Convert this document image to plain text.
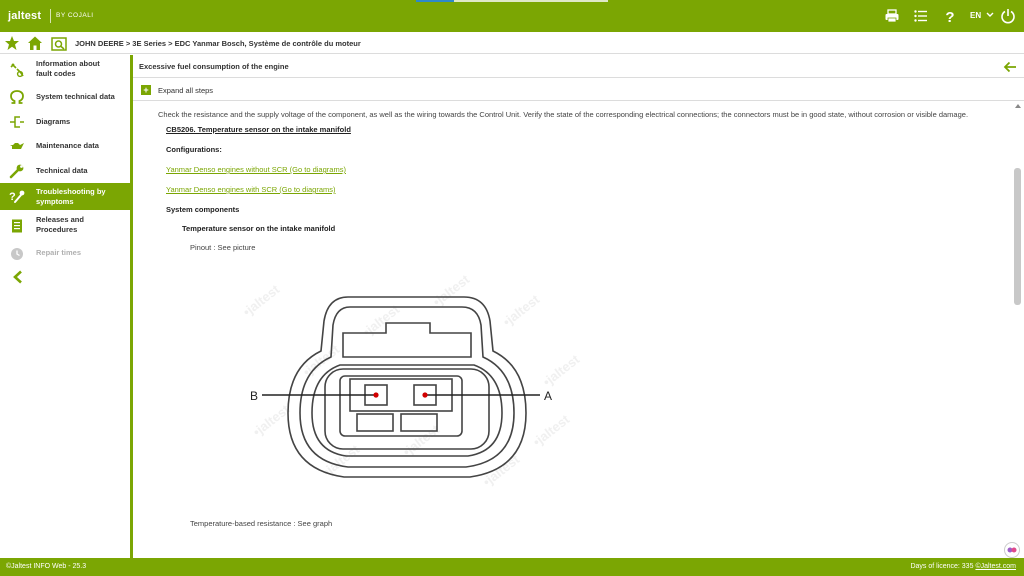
jaltest BY COJALI	? EN
JOHN DEERE > 3E Series > EDC Yanmar Bosch, Système de contrôle du moteur
Information about fault codes
System technical data
Diagrams
Maintenance data
Technical data
?	Troubleshooting by symptoms
Releases and Procedures
Repair times
Excessive fuel consumption of the engine
+	Expand all steps
Check the resistance and the supply voltage of the component, as well as the wiring towards the Control Unit. Verify the state of the corresponding electrical connections; the connectors must be in good state, without corrosion or visible damage.
CB5206. Temperature sensor on the intake manifold
Configurations:
Yanmar Denso engines without SCR (Go to diagrams)
Yanmar Denso engines with SCR (Go to diagrams)
System components
Temperature sensor on the intake manifold
Pinout : See picture
•jaltest
•jaltest
•jaltest
•jaltest
•jaltest
•jaltest
•jaltest
•jaltest
•jaltest
•jaltest
•jaltest
B	A
Temperature-based resistance : See graph
©Jaltest INFO Web - 25.3	Days of licence: 335 ©Jaltest.com
